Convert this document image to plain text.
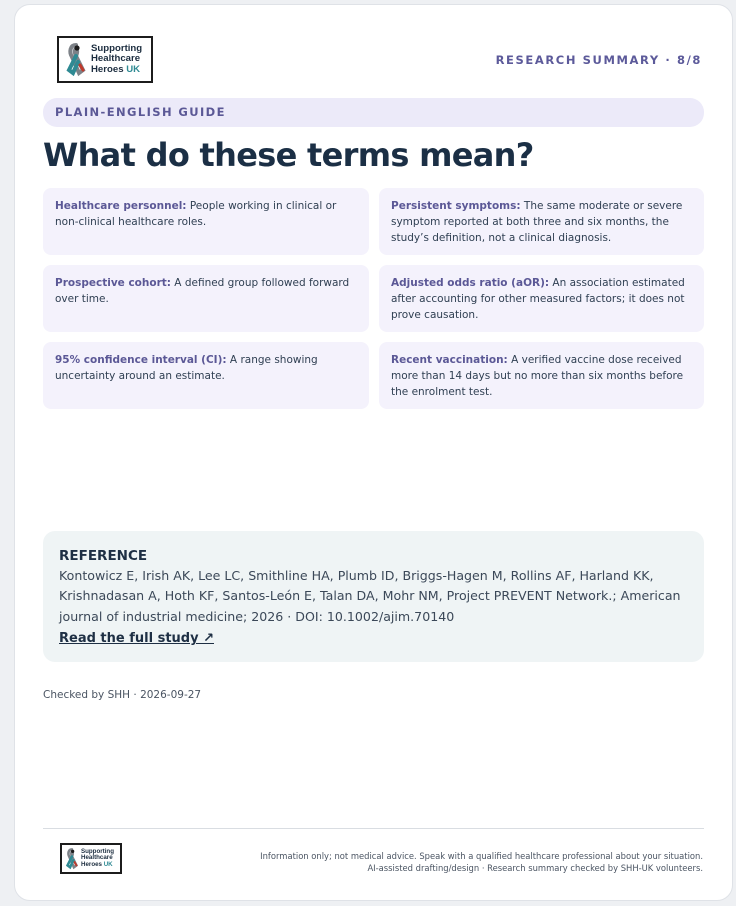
Supporting
Healthcare
Heroes UK
RESEARCH SUMMARY · 8/8
PLAIN-ENGLISH GUIDE
What do these terms mean?
Healthcare personnel: People working in clinical or non-clinical healthcare roles.
Persistent symptoms: The same moderate or severe symptom reported at both three and six months, the study’s definition, not a clinical diagnosis.
Prospective cohort: A defined group followed forward over time.
Adjusted odds ratio (aOR): An association estimated after accounting for other measured factors; it does not prove causation.
95% confidence interval (CI): A range showing uncertainty around an estimate.
Recent vaccination: A verified vaccine dose received more than 14 days but no more than six months before the enrolment test.
REFERENCE
Kontowicz E, Irish AK, Lee LC, Smithline HA, Plumb ID, Briggs-Hagen M, Rollins AF, Harland KK, Krishnadasan A, Hoth KF, Santos-León E, Talan DA, Mohr NM, Project PREVENT Network.; American journal of industrial medicine; 2026 · DOI: 10.1002/ajim.70140
Read the full study ↗
Checked by SHH · 2026-09-27
Supporting
Healthcare
Heroes UK
Information only; not medical advice. Speak with a qualified healthcare professional about your situation.
AI-assisted drafting/design · Research summary checked by SHH-UK volunteers.
